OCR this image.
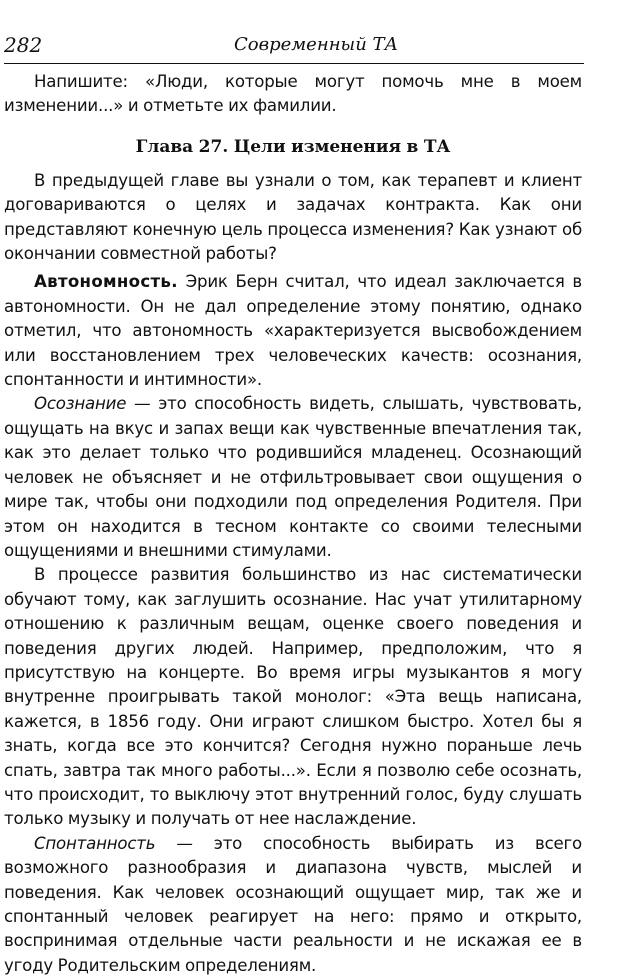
282	Современный ТА

Напишите: «Люди, которые могут помочь мне в моем изменении...» и отметьте их фамилии.

Глава 27. Цели изменения в ТА

В предыдущей главе вы узнали о том, как терапевт и клиент договариваются о целях и задачах контракта. Как они представляют конечную цель процесса изменения? Как узнают об окончании совместной работы?

Автономность. Эрик Берн считал, что идеал заключается в автономности. Он не дал определение этому понятию, однако отметил, что автономность «характеризуется высвобождением или восстановлением трех человеческих качеств: осознания, спонтанности и интимности».

Осознание — это способность видеть, слышать, чувствовать, ощущать на вкус и запах вещи как чувственные впечатления так, как это делает только что родившийся младенец. Осознающий человек не объясняет и не отфильтровывает свои ощущения о мире так, чтобы они подходили под определения Родителя. При этом он находится в тесном контакте со своими телесными ощущениями и внешними стимулами.

В процессе развития большинство из нас систематически обучают тому, как заглушить осознание. Нас учат утилитарному отношению к различным вещам, оценке своего поведения и поведения других людей. Например, предположим, что я присутствую на концерте. Во время игры музыкантов я могу внутренне проигрывать такой монолог: «Эта вещь написана, кажется, в 1856 году. Они играют слишком быстро. Хотел бы я знать, когда все это кончится? Сегодня нужно пораньше лечь спать, завтра так много работы...». Если я позволю себе осознать, что происходит, то выключу этот внутренний голос, буду слушать только музыку и получать от нее наслаждение.

Спонтанность — это способность выбирать из всего возможного разнообразия и диапазона чувств, мыслей и поведения. Как человек осознающий ощущает мир, так же и спонтанный человек реагирует на него: прямо и открыто, воспринимая отдельные части реальности и не искажая ее в угоду Родительским определениям.
